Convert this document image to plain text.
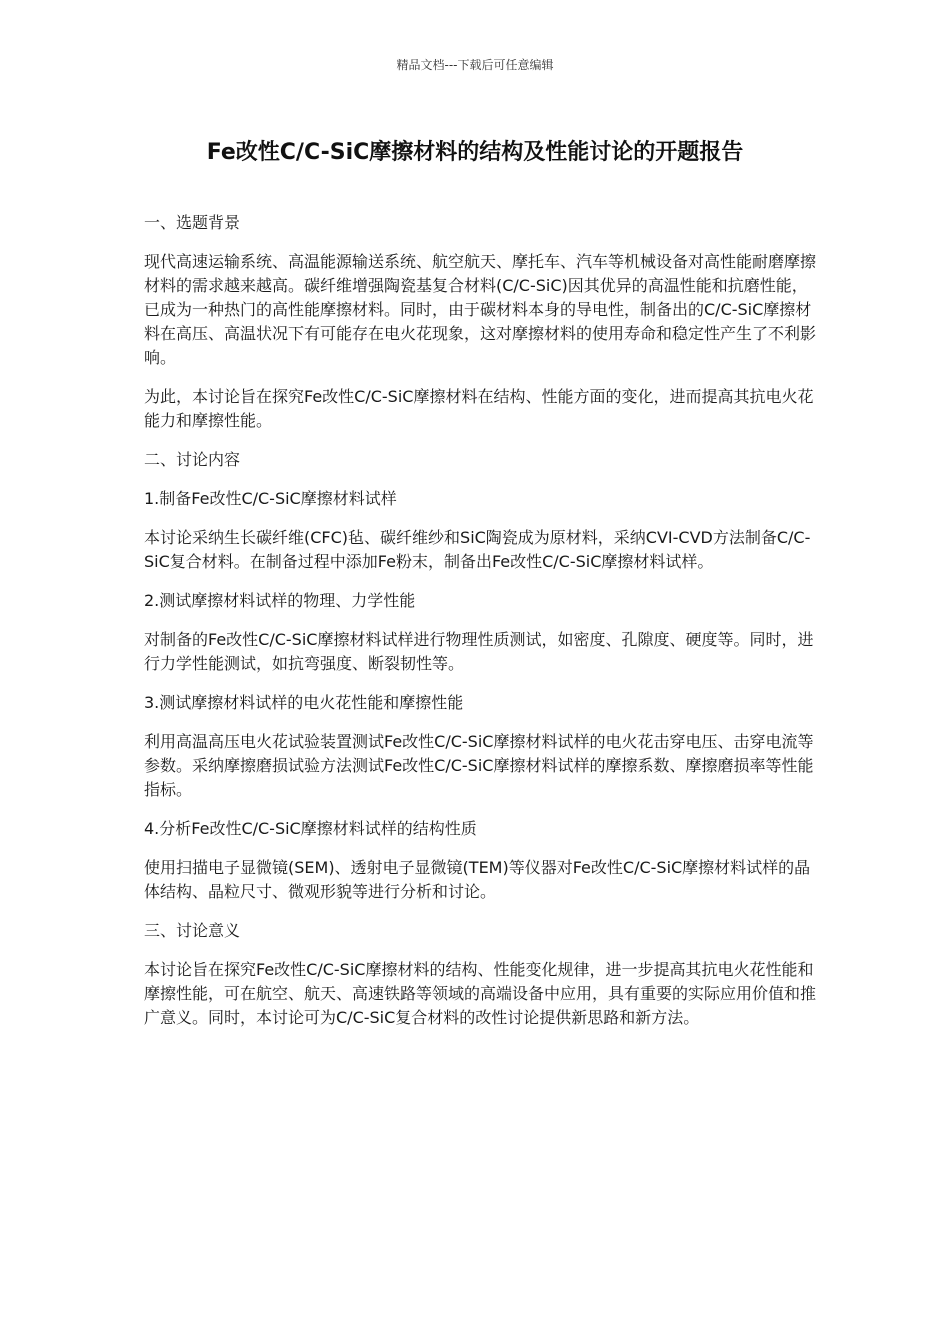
精品文档---下载后可任意编辑
Fe改性C/C-SiC摩擦材料的结构及性能讨论的开题报告

一、选题背景

现代高速运输系统、高温能源输送系统、航空航天、摩托车、汽车等机械设备对高性能耐磨摩擦材料的需求越来越高。碳纤维增强陶瓷基复合材料(C/C-SiC)因其优异的高温性能和抗磨性能，已成为一种热门的高性能摩擦材料。同时，由于碳材料本身的导电性，制备出的C/C-SiC摩擦材料在高压、高温状况下有可能存在电火花现象，这对摩擦材料的使用寿命和稳定性产生了不利影响。

为此，本讨论旨在探究Fe改性C/C-SiC摩擦材料在结构、性能方面的变化，进而提高其抗电火花能力和摩擦性能。

二、讨论内容

1.制备Fe改性C/C-SiC摩擦材料试样

本讨论采纳生长碳纤维(CFC)毡、碳纤维纱和SiC陶瓷成为原材料，采纳CVI-CVD方法制备C/C-SiC复合材料。在制备过程中添加Fe粉末，制备出Fe改性C/C-SiC摩擦材料试样。

2.测试摩擦材料试样的物理、力学性能

对制备的Fe改性C/C-SiC摩擦材料试样进行物理性质测试，如密度、孔隙度、硬度等。同时，进行力学性能测试，如抗弯强度、断裂韧性等。

3.测试摩擦材料试样的电火花性能和摩擦性能

利用高温高压电火花试验装置测试Fe改性C/C-SiC摩擦材料试样的电火花击穿电压、击穿电流等参数。采纳摩擦磨损试验方法测试Fe改性C/C-SiC摩擦材料试样的摩擦系数、摩擦磨损率等性能指标。

4.分析Fe改性C/C-SiC摩擦材料试样的结构性质

使用扫描电子显微镜(SEM)、透射电子显微镜(TEM)等仪器对Fe改性C/C-SiC摩擦材料试样的晶体结构、晶粒尺寸、微观形貌等进行分析和讨论。

三、讨论意义

本讨论旨在探究Fe改性C/C-SiC摩擦材料的结构、性能变化规律，进一步提高其抗电火花性能和摩擦性能，可在航空、航天、高速铁路等领域的高端设备中应用，具有重要的实际应用价值和推广意义。同时，本讨论可为C/C-SiC复合材料的改性讨论提供新思路和新方法。
